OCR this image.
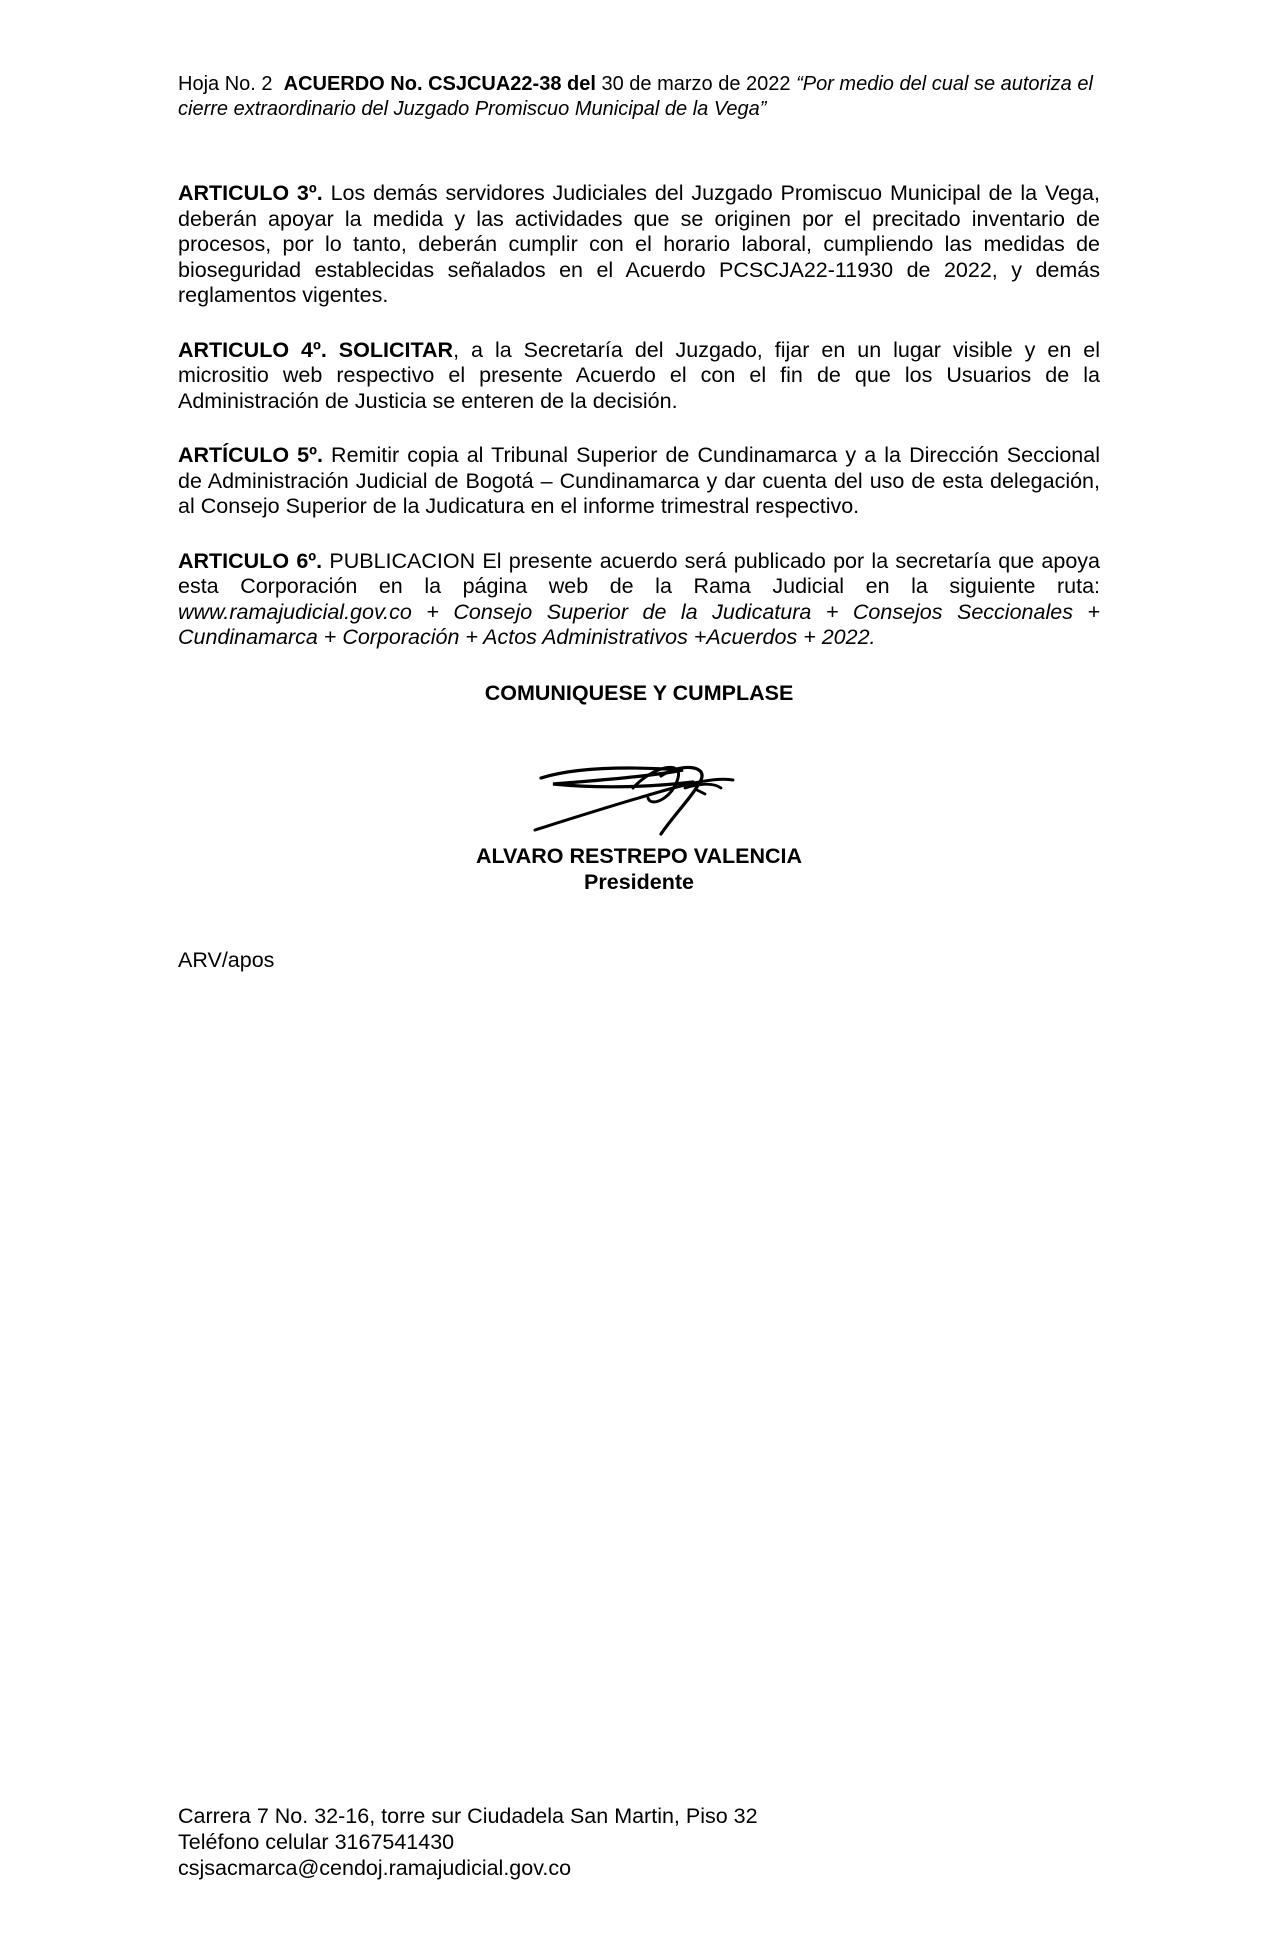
Hoja No. 2 ACUERDO No. CSJCUA22-38 del 30 de marzo de 2022 “Por medio del cual se autoriza el cierre extraordinario del Juzgado Promiscuo Municipal de la Vega”

ARTICULO 3º. Los demás servidores Judiciales del Juzgado Promiscuo Municipal de la Vega, deberán apoyar la medida y las actividades que se originen por el precitado inventario de procesos, por lo tanto, deberán cumplir con el horario laboral, cumpliendo las medidas de bioseguridad establecidas señalados en el Acuerdo PCSCJA22-11930 de 2022, y demás reglamentos vigentes.

ARTICULO 4º. SOLICITAR, a la Secretaría del Juzgado, fijar en un lugar visible y en el micrositio web respectivo el presente Acuerdo el con el fin de que los Usuarios de la Administración de Justicia se enteren de la decisión.

ARTÍCULO 5º. Remitir copia al Tribunal Superior de Cundinamarca y a la Dirección Seccional de Administración Judicial de Bogotá – Cundinamarca y dar cuenta del uso de esta delegación, al Consejo Superior de la Judicatura en el informe trimestral respectivo.

ARTICULO 6º. PUBLICACION El presente acuerdo será publicado por la secretaría que apoya esta Corporación en la página web de la Rama Judicial en la siguiente ruta: www.ramajudicial.gov.co + Consejo Superior de la Judicatura + Consejos Seccionales + Cundinamarca + Corporación + Actos Administrativos +Acuerdos + 2022.

COMUNIQUESE Y CUMPLASE
ALVARO RESTREPO VALENCIA
Presidente
ARV/apos
Carrera 7 No. 32-16, torre sur Ciudadela San Martin, Piso 32
Teléfono celular 3167541430
csjsacmarca@cendoj.ramajudicial.gov.co
